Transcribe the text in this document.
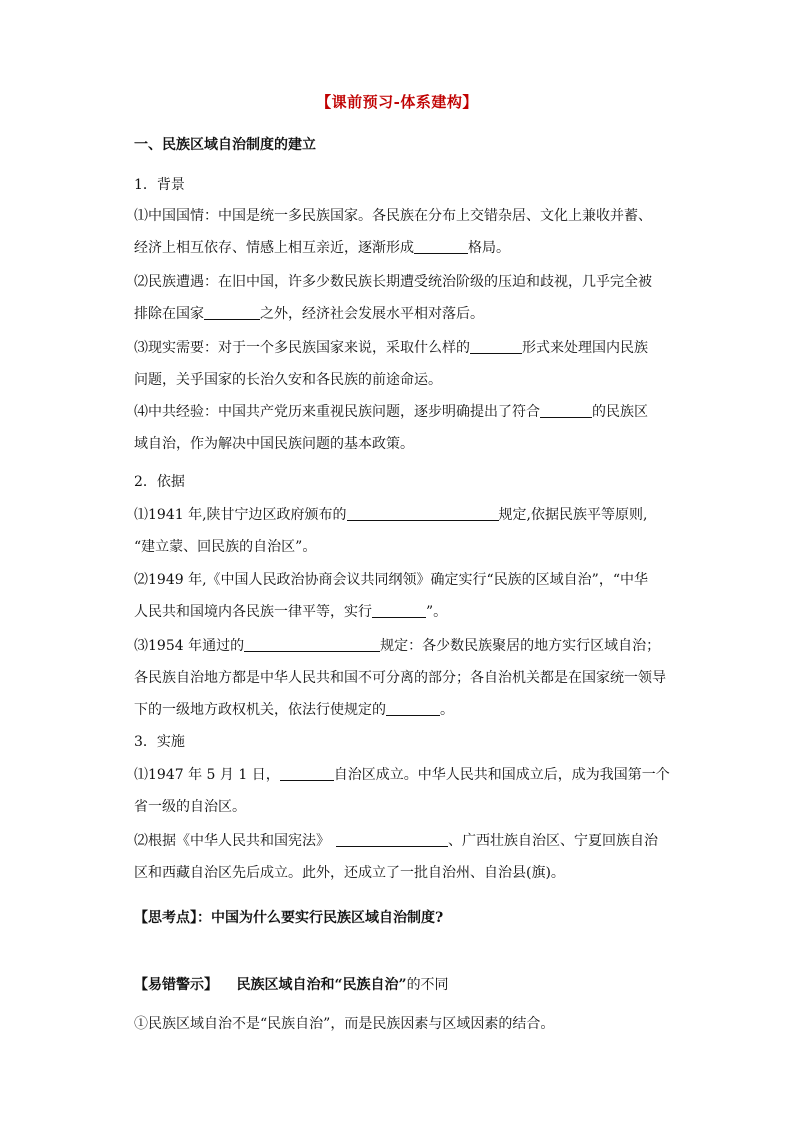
【课前预习-体系建构】
一、民族区域自治制度的建立
1．背景
⑴中国国情：中国是统一多民族国家。各民族在分布上交错杂居、文化上兼收并蓄、
经济上相互依存、情感上相互亲近，逐渐形成	格局。
⑵民族遭遇：在旧中国，许多少数民族长期遭受统治阶级的压迫和歧视，几乎完全被
排除在国家	之外，经济社会发展水平相对落后。
⑶现实需要：对于一个多民族国家来说，采取什么样的	形式来处理国内民族
问题，关乎国家的长治久安和各民族的前途命运。
⑷中共经验：中国共产党历来重视民族问题，逐步明确提出了符合	的民族区
域自治，作为解决中国民族问题的基本政策。
2．依据
⑴1941 年,陕甘宁边区政府颁布的	规定,依据民族平等原则,
“建立蒙、回民族的自治区”。
⑵1949 年,《中国人民政治协商会议共同纲领》确定实行“民族的区域自治”，“中华
人民共和国境内各民族一律平等，实行	”。
⑶1954 年通过的	规定：各少数民族聚居的地方实行区域自治；
各民族自治地方都是中华人民共和国不可分离的部分；各自治机关都是在国家统一领导
下的一级地方政权机关，依法行使规定的	。
3．实施
⑴1947 年 5 月 1 日，	自治区成立。中华人民共和国成立后，成为我国第一个
省一级的自治区。
⑵根据《中华人民共和国宪法》	、广西壮族自治区、宁夏回族自治
区和西藏自治区先后成立。此外，还成立了一批自治州、自治县(旗)。
【思考点】：中国为什么要实行民族区域自治制度?
【易错警示】 民族区域自治和“民族自治”的不同
①民族区域自治不是“民族自治”，而是民族因素与区域因素的结合。
